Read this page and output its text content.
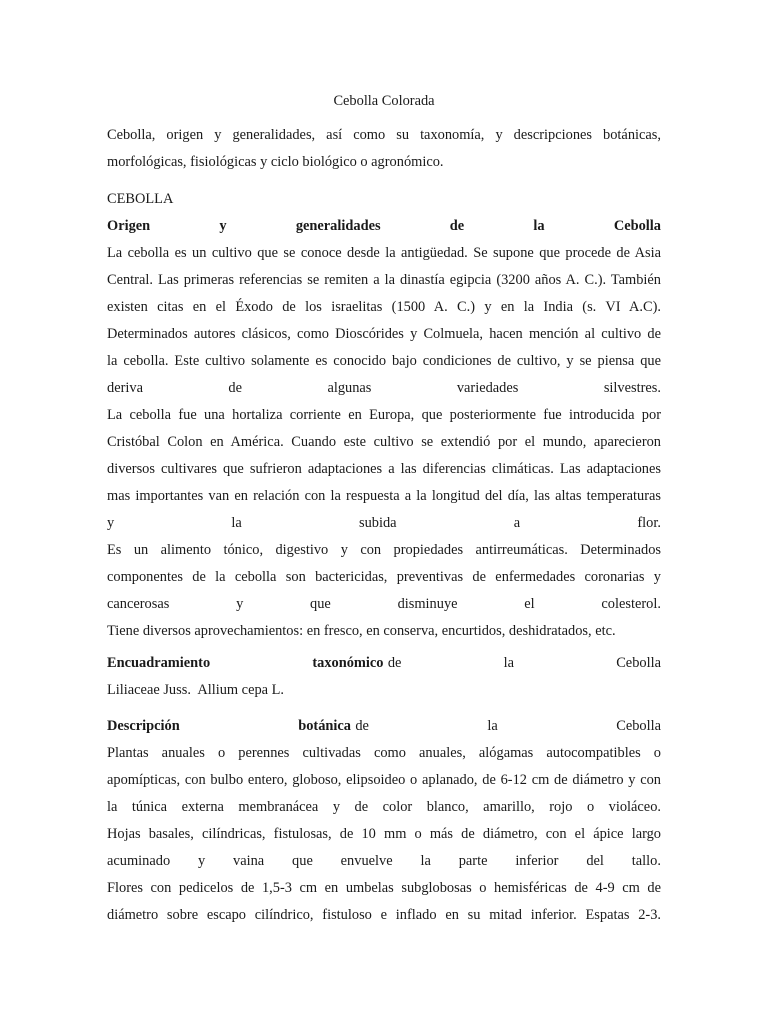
Cebolla Colorada
Cebolla, origen y generalidades, así como su taxonomía, y descripciones botánicas,
morfológicas, fisiológicas y ciclo biológico o agronómico.
CEBOLLA
Origen	y	generalidades	de	la	Cebolla
La cebolla es un cultivo que se conoce desde la antigüedad. Se supone que procede de Asia
Central. Las primeras referencias se remiten a la dinastía egipcia (3200 años A. C.). También
existen citas en el Éxodo de los israelitas (1500 A. C.) y en la India (s. VI A.C).
Determinados autores clásicos, como Dioscórides y Colmuela, hacen mención al cultivo de
la cebolla. Este cultivo solamente es conocido bajo condiciones de cultivo, y se piensa que
deriva	de	algunas	variedades	silvestres.
La cebolla fue una hortaliza corriente en Europa, que posteriormente fue introducida por
Cristóbal Colon en América. Cuando este cultivo se extendió por el mundo, aparecieron
diversos cultivares que sufrieron adaptaciones a las diferencias climáticas. Las adaptaciones
mas importantes van en relación con la respuesta a la longitud del día, las altas temperaturas
y	la	subida	a	flor.
Es un alimento tónico, digestivo y con propiedades antirreumáticas. Determinados
componentes de la cebolla son bactericidas, preventivas de enfermedades coronarias y
cancerosas	y	que	disminuye	el	colesterol.
Tiene diversos aprovechamientos: en fresco, en conserva, encurtidos, deshidratados, etc.
Encuadramiento	taxonómico de	la	Cebolla
Liliaceae Juss.  Allium cepa L.
Descripción	botánica de	la	Cebolla
Plantas anuales o perennes cultivadas como anuales, alógamas autocompatibles o
apomípticas, con bulbo entero, globoso, elipsoideo o aplanado, de 6-12 cm de diámetro y con
la túnica externa membranácea y de color blanco, amarillo, rojo o violáceo.
Hojas basales, cilíndricas, fistulosas, de 10 mm o más de diámetro, con el ápice largo
acuminado y vaina que envuelve la parte inferior del tallo.
Flores con pedicelos de 1,5-3 cm en umbelas subglobosas o hemisféricas de 4-9 cm de
diámetro sobre escapo cilíndrico, fistuloso e inflado en su mitad inferior. Espatas 2-3.
